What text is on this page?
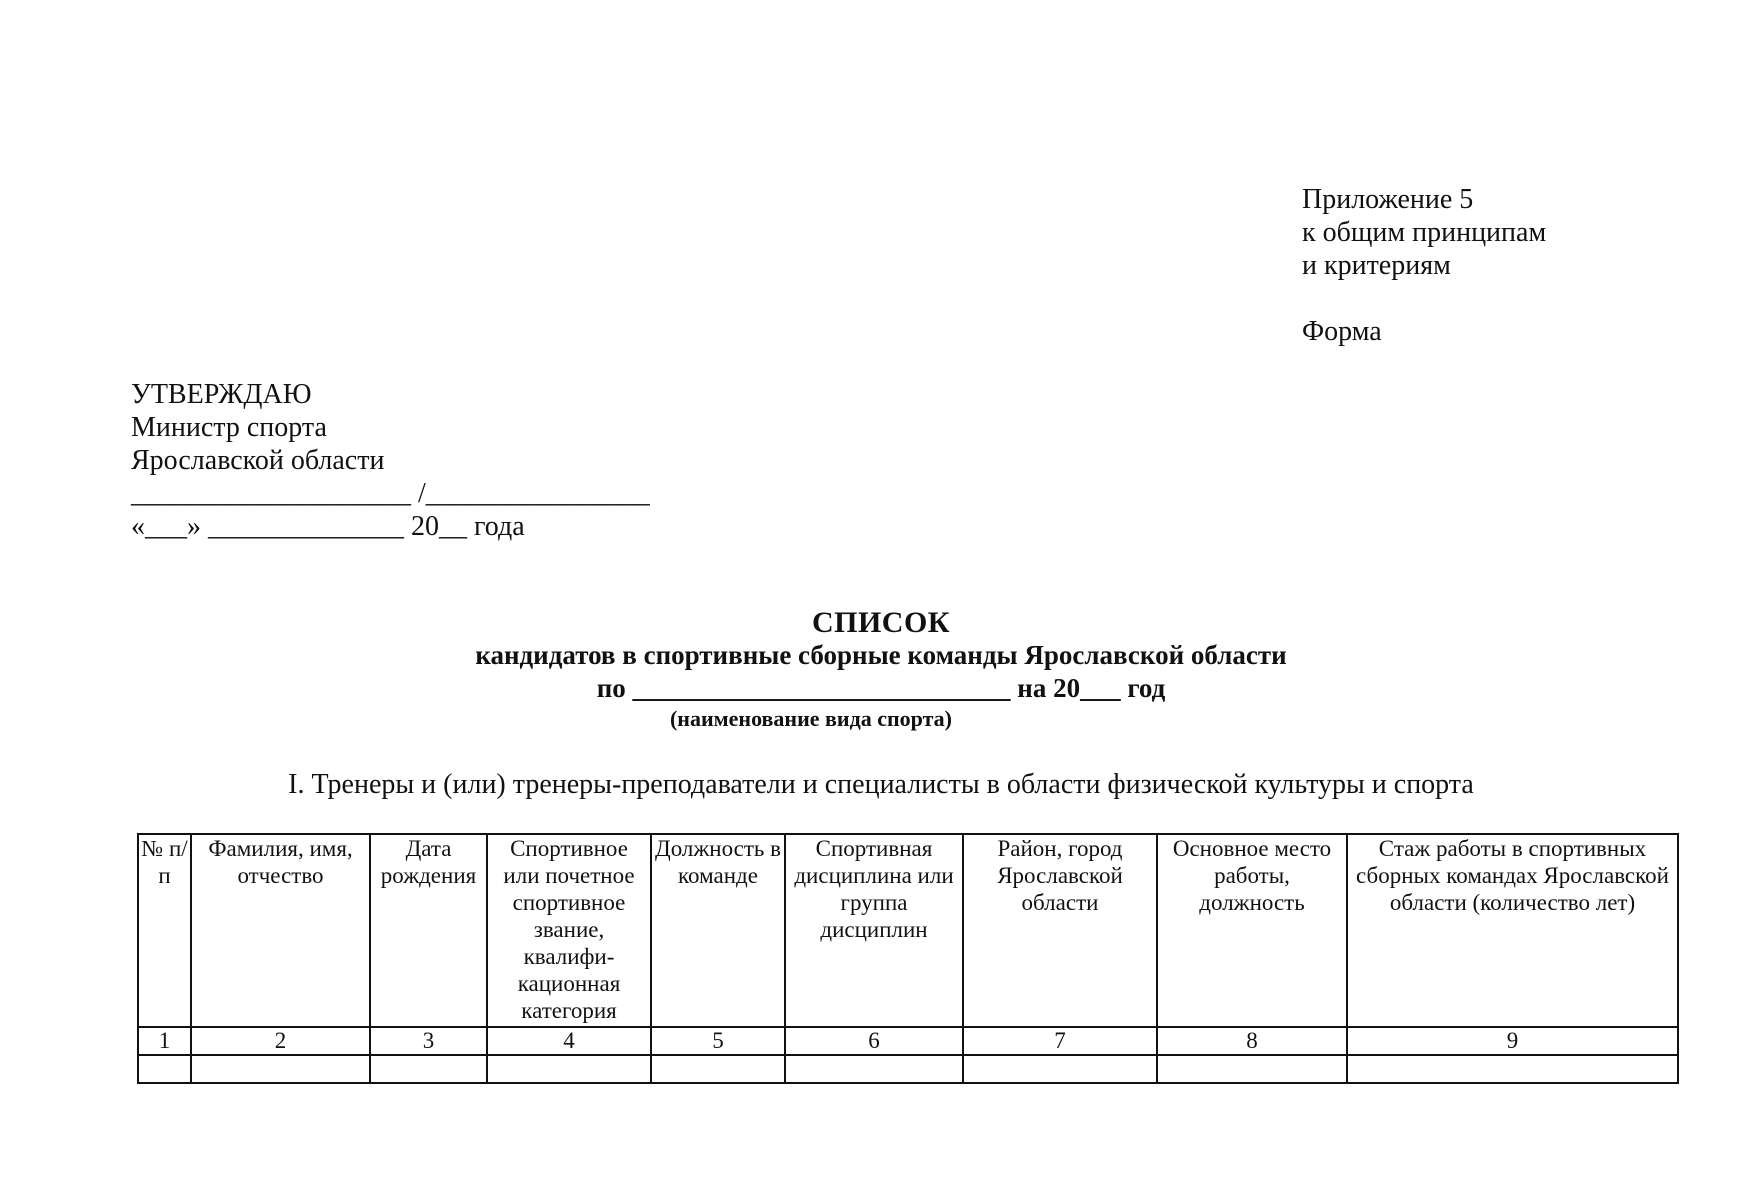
Приложение 5
к общим принципам
и критериям
Форма
УТВЕРЖДАЮ
Министр спорта
Ярославской области
____________________ /________________
«___» ______________ 20__ года
СПИСОК
кандидатов в спортивные сборные команды Ярославской области
по ____________________________ на 20___ год
(наименование вида спорта)
I. Тренеры и (или) тренеры-преподаватели и специалисты в области физической культуры и спорта
№ п/п	Фамилия, имя, отчество	Дата рождения	Спортивное или почетное спортивное звание, квалифи-кационная категория	Должность в команде	Спортивная дисциплина или группа дисциплин	Район, город Ярославской области	Основное место работы, должность	Стаж работы в спортивных сборных командах Ярославской области (количество лет)
1	2	3	4	5	6	7	8	9
